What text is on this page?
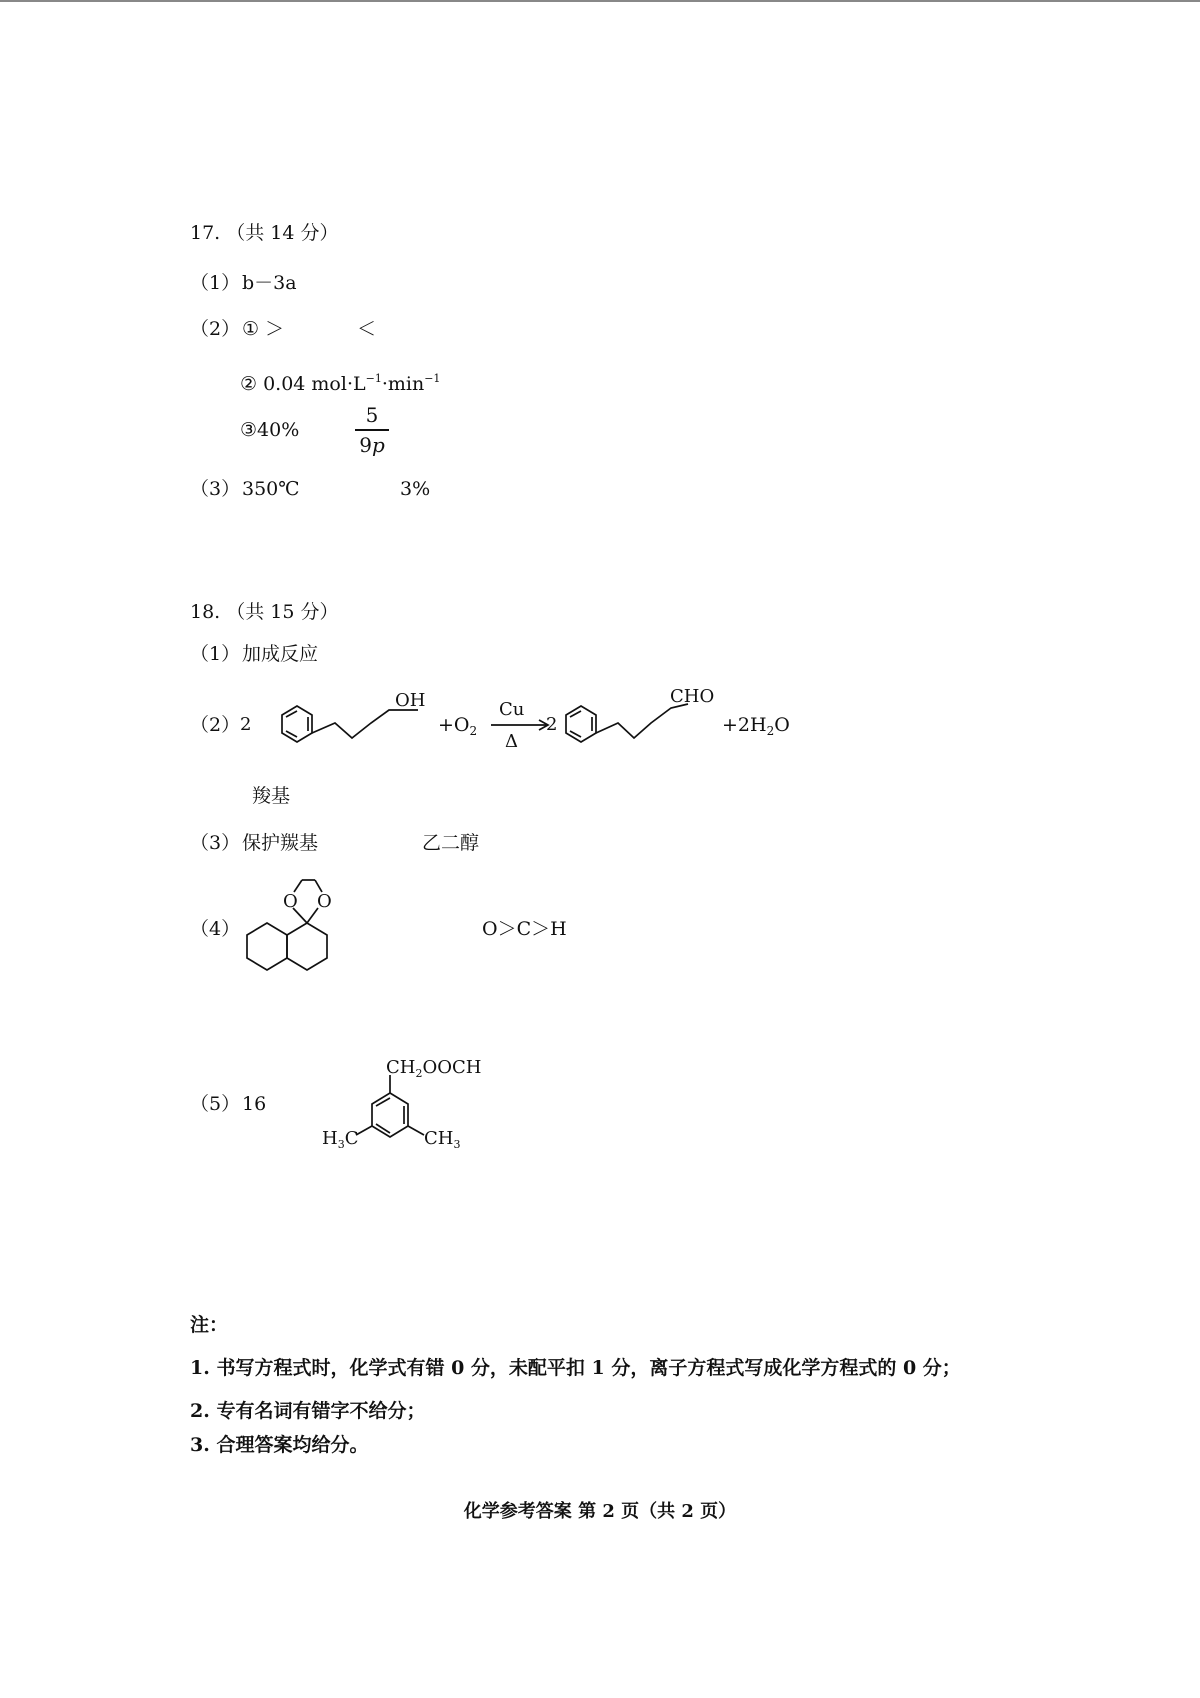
17. （共 14 分）
（1） b－3a
（2） ① ＞	＜
② 0.04 $mol\cdot L^{-1}\cdot\min^{-1}$
③40%
5
9p
（3） 350℃	3%
18. （共 15 分）
（1） 加成反应
（2） 2
OH
$+O_2$
Cu
Δ
2
CHO
$+2H_2O$
羧基
（3） 保护羰基	乙二醇
（4）
O O
O＞C＞H
（5） 16
$CH_2OOCH$
$H_3C$	$CH_3$
注：
1. 书写方程式时，化学式有错 0 分，未配平扣 1 分，离子方程式写成化学方程式的 0 分；
2. 专有名词有错字不给分；
3. 合理答案均给分。
化学参考答案 第 2 页（共 2 页）
